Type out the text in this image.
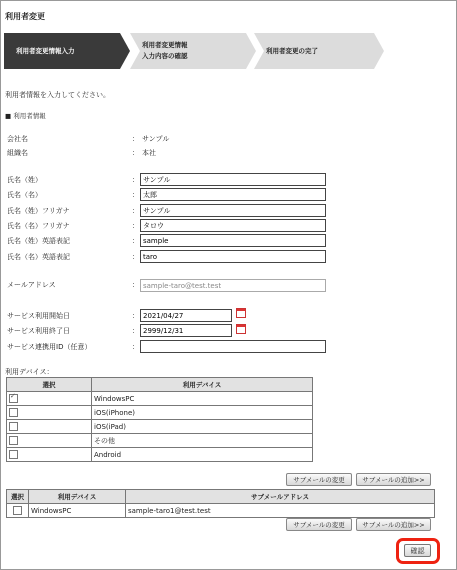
利用者変更
利用者変更情報入力
利用者変更情報
入力内容の確認
利用者変更の完了
利用者情報を入力してください。
■ 利用者情報
会社名	： サンプル
組織名	： 本社
氏名（姓）	： サンプル
氏名（名）	： 太郎
氏名（姓）フリガナ	： サンプル
氏名（名）フリガナ	： タロウ
氏名（姓）英語表記	： sample
氏名（名）英語表記	： taro
メールアドレス	： sample-taro@test.test
サービス利用開始日	： 2021/04/27
サービス利用終了日	： 2999/12/31
サービス連携用ID（任意）	：
利用デバイス：
選択	利用デバイス
✓	WindowsPC
	iOS(iPhone)
	iOS(iPad)
	その他
	Android
サブメールの変更	サブメールの追加>>
選択	利用デバイス	サブメールアドレス
	WindowsPC	sample-taro1@test.test
サブメールの変更	サブメールの追加>>
確認
